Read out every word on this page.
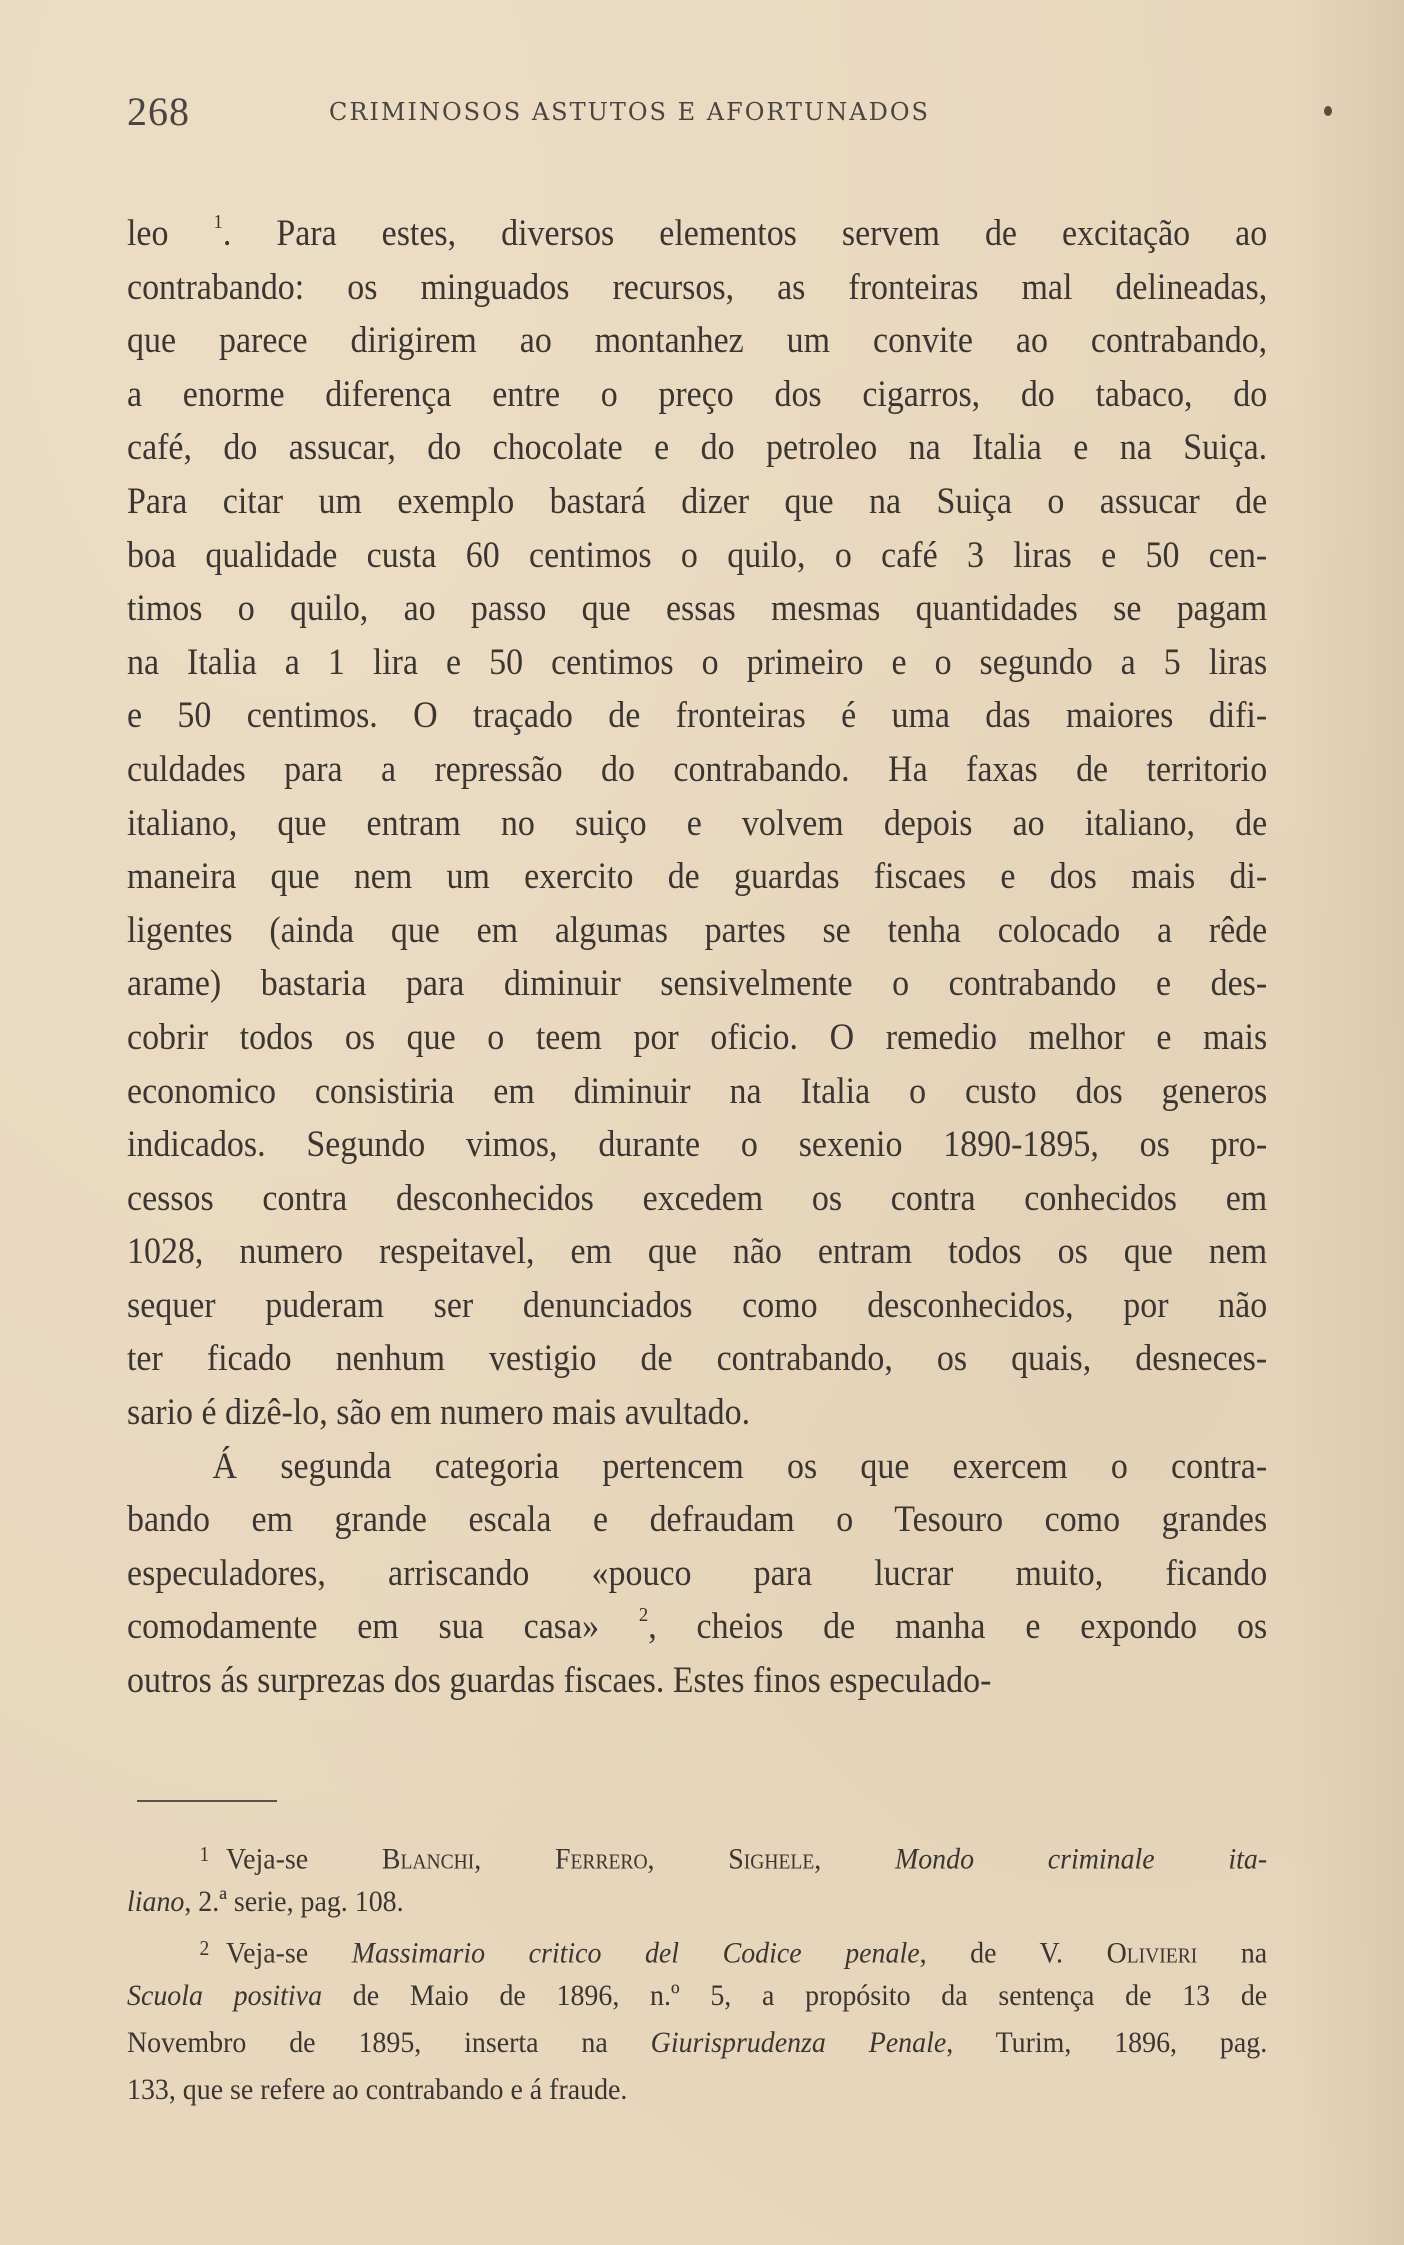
268	CRIMINOSOS ASTUTOS E AFORTUNADOS
leo $^1$. Para estes, diversos elementos servem de excitação ao
contrabando: os minguados recursos, as fronteiras mal delineadas,
que parece dirigirem ao montanhez um convite ao contrabando,
a enorme diferença entre o preço dos cigarros, do tabaco, do
café, do assucar, do chocolate e do petroleo na Italia e na Suiça.
Para citar um exemplo bastará dizer que na Suiça o assucar de
boa qualidade custa 60 centimos o quilo, o café 3 liras e 50 cen-
timos o quilo, ao passo que essas mesmas quantidades se pagam
na Italia a 1 lira e 50 centimos o primeiro e o segundo a 5 liras
e 50 centimos. O traçado de fronteiras é uma das maiores difi-
culdades para a repressão do contrabando. Ha faxas de territorio
italiano, que entram no suiço e volvem depois ao italiano, de
maneira que nem um exercito de guardas fiscaes e dos mais di-
ligentes (ainda que em algumas partes se tenha colocado a rêde
arame) bastaria para diminuir sensivelmente o contrabando e des-
cobrir todos os que o teem por oficio. O remedio melhor e mais
economico consistiria em diminuir na Italia o custo dos generos
indicados. Segundo vimos, durante o sexenio 1890-1895, os pro-
cessos contra desconhecidos excedem os contra conhecidos em
1028, numero respeitavel, em que não entram todos os que nem
sequer puderam ser denunciados como desconhecidos, por não
ter ficado nenhum vestigio de contrabando, os quais, desneces-
sario é dizê-lo, são em numero mais avultado.
Á segunda categoria pertencem os que exercem o contra-
bando em grande escala e defraudam o Tesouro como grandes
especuladores, arriscando «pouco para lucrar muito, ficando
comodamente em sua casa» $^2$, cheios de manha e expondo os
outros ás surprezas dos guardas fiscaes. Estes finos especulado-
$^1$ Veja-se Blanchi, Ferrero, Sighele, Mondo criminale ita-
liano, 2.ª serie, pag. 108.
$^2$ Veja-se Massimario critico del Codice penale, de V. Olivieri na
Scuola positiva de Maio de 1896, n.º 5, a propósito da sentença de 13 de
Novembro de 1895, inserta na Giurisprudenza Penale, Turim, 1896, pag.
133, que se refere ao contrabando e á fraude.
